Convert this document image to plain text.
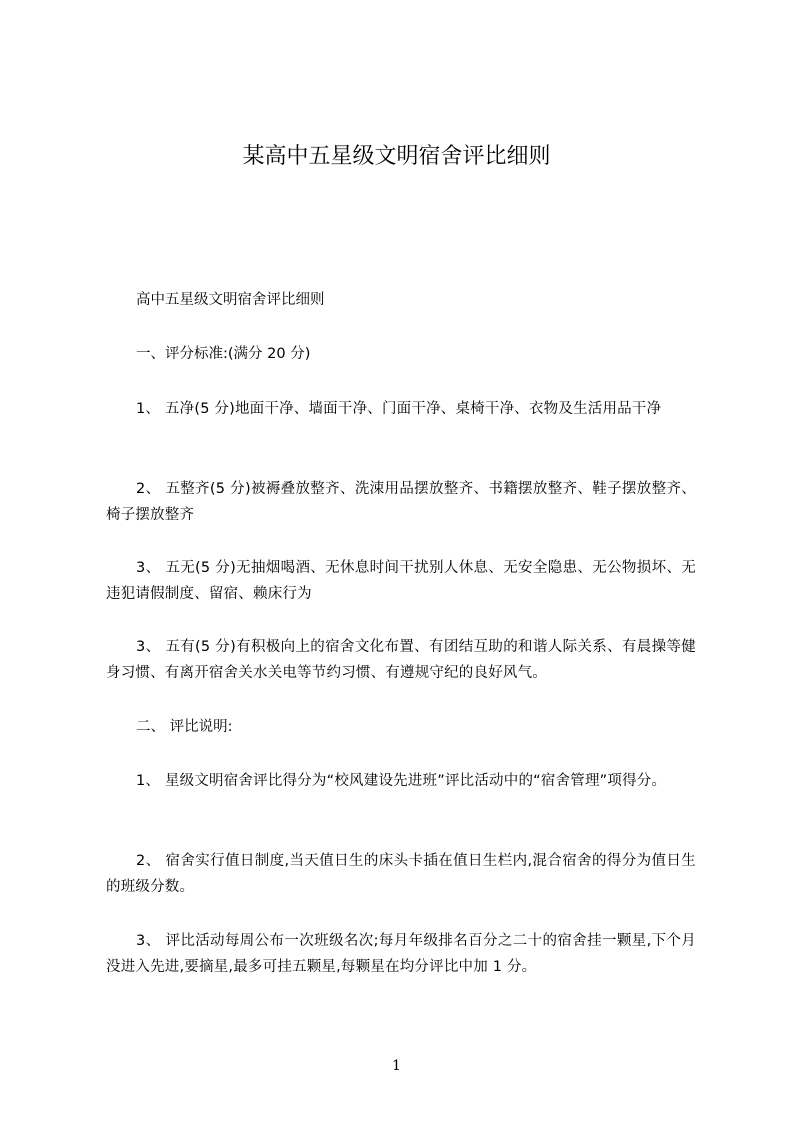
某高中五星级文明宿舍评比细则
高中五星级文明宿舍评比细则
一、评分标准:(满分 20 分)
1、 五净(5 分)地面干净、墙面干净、门面干净、桌椅干净、衣物及生活用品干净
2、 五整齐(5 分)被褥叠放整齐、洗涑用品摆放整齐、书籍摆放整齐、鞋子摆放整齐、椅子摆放整齐
3、 五无(5 分)无抽烟喝酒、无休息时间干扰别人休息、无安全隐患、无公物损坏、无违犯请假制度、留宿、赖床行为
3、 五有(5 分)有积极向上的宿舍文化布置、有团结互助的和谐人际关系、有晨操等健身习惯、有离开宿舍关水关电等节约习惯、有遵规守纪的良好风气。
二、 评比说明:
1、 星级文明宿舍评比得分为“校风建设先进班”评比活动中的“宿舍管理”项得分。
2、 宿舍实行值日制度,当天值日生的床头卡插在值日生栏内,混合宿舍的得分为值日生的班级分数。
3、 评比活动每周公布一次班级名次;每月年级排名百分之二十的宿舍挂一颗星,下个月没进入先进,要摘星,最多可挂五颗星,每颗星在均分评比中加 1 分。
1
